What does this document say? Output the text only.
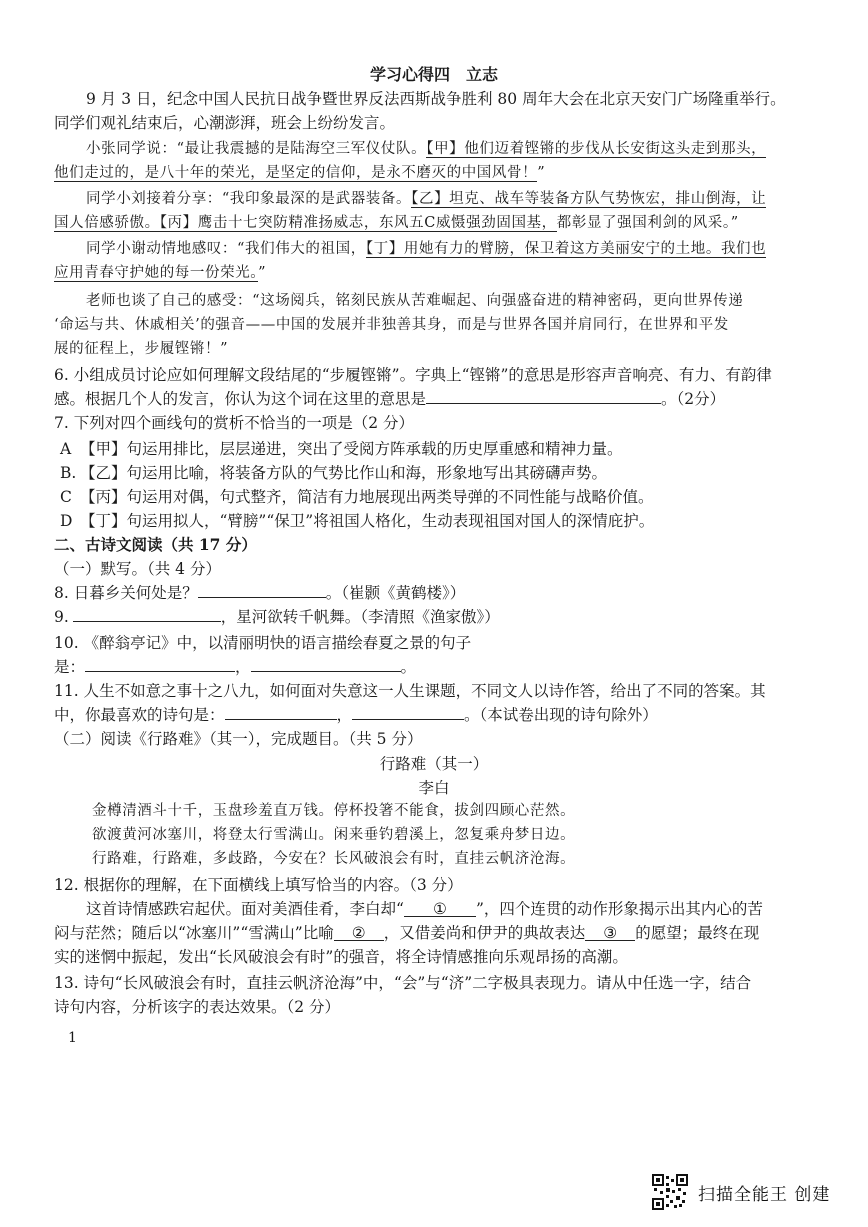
学习心得四　立志
9 月 3 日，纪念中国人民抗日战争暨世界反法西斯战争胜利 80 周年大会在北京天安门广场隆重举行。
同学们观礼结束后，心潮澎湃，班会上纷纷发言。
小张同学说：“最让我震撼的是陆海空三军仪仗队。【甲】他们迈着铿锵的步伐从长安街这头走到那头，
他们走过的，是八十年的荣光，是坚定的信仰，是永不磨灭的中国风骨！”
同学小刘接着分享：“我印象最深的是武器装备。【乙】坦克、战车等装备方队气势恢宏，排山倒海，让
国人倍感骄傲。【丙】鹰击十七突防精准扬威志，东风五C威慑强劲固国基，都彰显了强国利剑的风采。”
同学小谢动情地感叹：“我们伟大的祖国，【丁】用她有力的臂膀，保卫着这方美丽安宁的土地。我们也
应用青春守护她的每一份荣光。”
老师也谈了自己的感受：“这场阅兵，铭刻民族从苦难崛起、向强盛奋进的精神密码，更向世界传递
‘命运与共、休戚相关’的强音——中国的发展并非独善其身，而是与世界各国并肩同行，在世界和平发
展的征程上，步履铿锵！”
6. 小组成员讨论应如何理解文段结尾的“步履铿锵”。字典上“铿锵”的意思是形容声音响亮、有力、有韵律
感。根据几个人的发言，你认为这个词在这里的意思是	。（2分）
7. 下列对四个画线句的赏析不恰当的一项是（2 分）
A 【甲】句运用排比，层层递进，突出了受阅方阵承载的历史厚重感和精神力量。
B. 【乙】句运用比喻，将装备方队的气势比作山和海，形象地写出其磅礴声势。
C 【丙】句运用对偶，句式整齐，简洁有力地展现出两类导弹的不同性能与战略价值。
D 【丁】句运用拟人，“臂膀”“保卫”将祖国人格化，生动表现祖国对国人的深情庇护。
二、古诗文阅读（共 17 分）
（一）默写。（共 4 分）
8. 日暮乡关何处是？	。（崔颢《黄鹤楼》）
9.	，星河欲转千帆舞。（李清照《渔家傲》）
10. 《醉翁亭记》中，以清丽明快的语言描绘春夏之景的句子
是：	，	。
11. 人生不如意之事十之八九，如何面对失意这一人生课题，不同文人以诗作答，给出了不同的答案。其
中，你最喜欢的诗句是：	，	。（本试卷出现的诗句除外）
（二）阅读《行路难》（其一），完成题目。（共 5 分）
行路难（其一）
李白
金樽清酒斗十千，玉盘珍羞直万钱。停杯投箸不能食，拔剑四顾心茫然。
欲渡黄河冰塞川，将登太行雪满山。闲来垂钓碧溪上，忽复乘舟梦日边。
行路难，行路难，多歧路，今安在？长风破浪会有时，直挂云帆济沧海。
12. 根据你的理解，在下面横线上填写恰当的内容。（3 分）
这首诗情感跌宕起伏。面对美酒佳肴，李白却“ ① ”，四个连贯的动作形象揭示出其内心的苦
闷与茫然；随后以“冰塞川”“雪满山”比喻 ② ，又借姜尚和伊尹的典故表达 ③ 的愿望；最终在现
实的迷惘中振起，发出“长风破浪会有时”的强音，将全诗情感推向乐观昂扬的高潮。
13. 诗句“长风破浪会有时，直挂云帆济沧海”中，“会”与“济”二字极具表现力。请从中任选一字，结合
诗句内容，分析该字的表达效果。（2 分）
1
扫描全能王 创建
